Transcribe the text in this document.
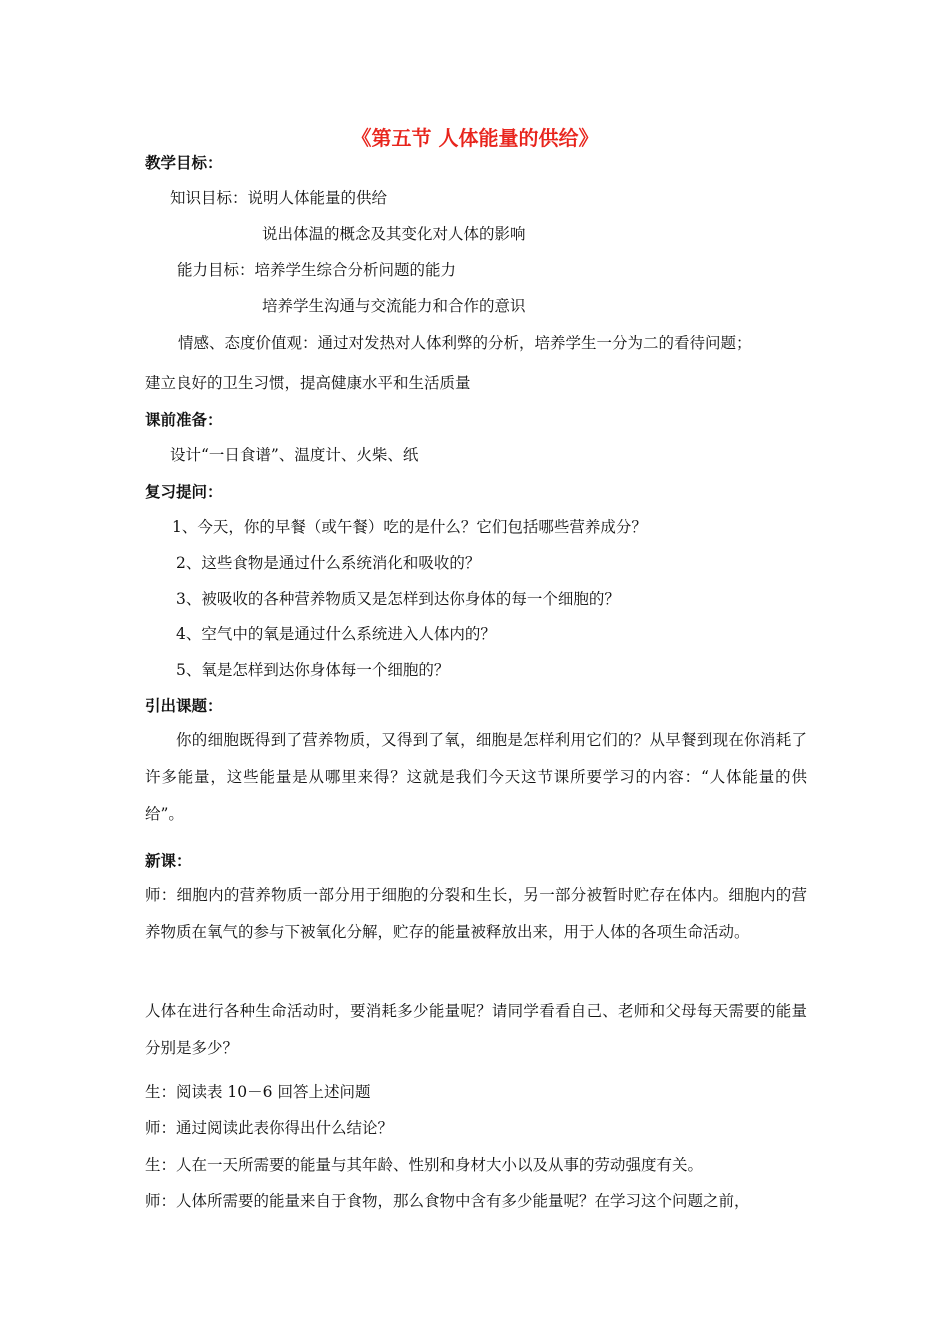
《第五节 人体能量的供给》
教学目标：
知识目标：说明人体能量的供给
说出体温的概念及其变化对人体的影响
能力目标：培养学生综合分析问题的能力
培养学生沟通与交流能力和合作的意识
情感、态度价值观：通过对发热对人体利弊的分析，培养学生一分为二的看待问题；
建立良好的卫生习惯，提高健康水平和生活质量
课前准备：
设计“一日食谱”、温度计、火柴、纸
复习提问：
1、今天，你的早餐（或午餐）吃的是什么？它们包括哪些营养成分？
2、这些食物是通过什么系统消化和吸收的？
3、被吸收的各种营养物质又是怎样到达你身体的每一个细胞的？
4、空气中的氧是通过什么系统进入人体内的？
5、氧是怎样到达你身体每一个细胞的？
引出课题：
你的细胞既得到了营养物质，又得到了氧，细胞是怎样利用它们的？从早餐到现在你消耗了许多能量，这些能量是从哪里来得？这就是我们今天这节课所要学习的内容：“人体能量的供给”。
新课：
师：细胞内的营养物质一部分用于细胞的分裂和生长，另一部分被暂时贮存在体内。细胞内的营养物质在氧气的参与下被氧化分解，贮存的能量被释放出来，用于人体的各项生命活动。
人体在进行各种生命活动时，要消耗多少能量呢？请同学看看自己、老师和父母每天需要的能量分别是多少？
生：阅读表 10－6 回答上述问题
师：通过阅读此表你得出什么结论？
生：人在一天所需要的能量与其年龄、性别和身材大小以及从事的劳动强度有关。
师：人体所需要的能量来自于食物，那么食物中含有多少能量呢？在学习这个问题之前，
